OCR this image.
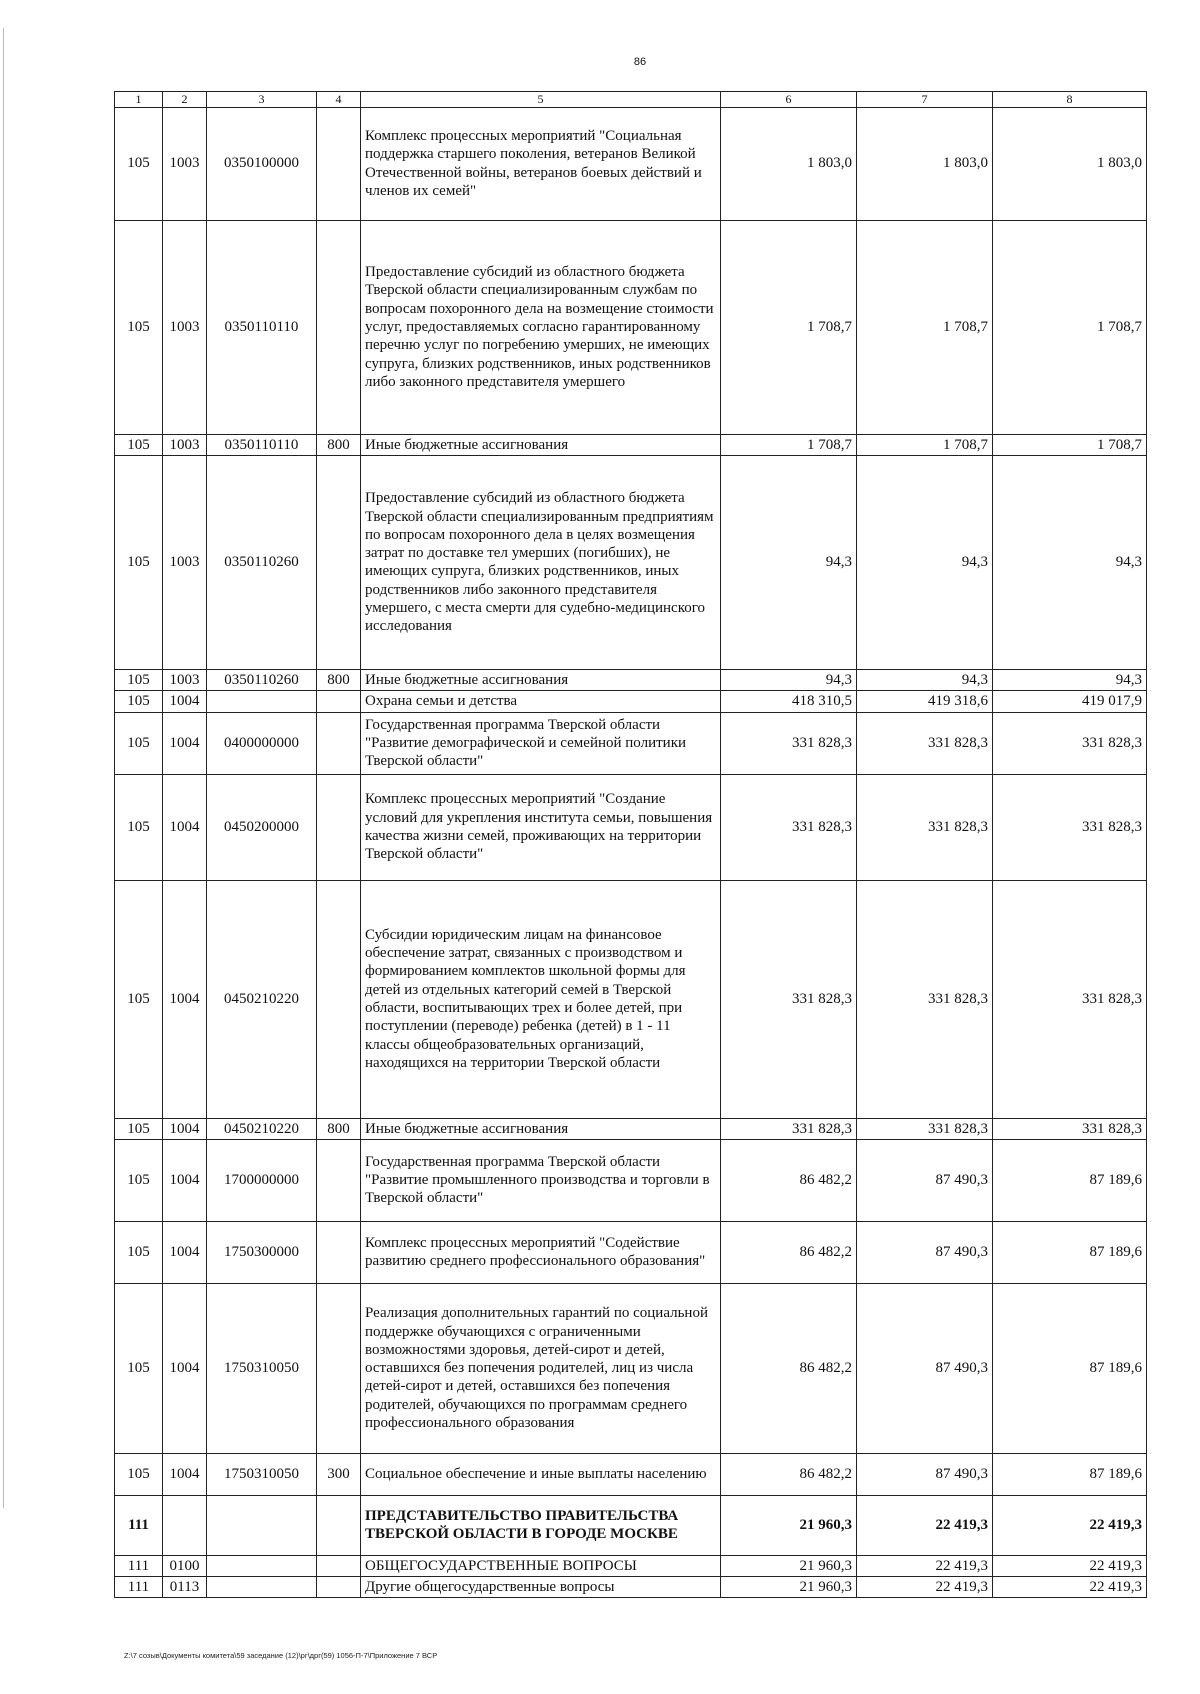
86
1	2	3	4	5	6	7	8
105	1003	0350100000		Комплекс процессных мероприятий "Социальная поддержка старшего поколения, ветеранов Великой Отечественной войны, ветеранов боевых действий и членов их семей"	1 803,0	1 803,0	1 803,0
105	1003	0350110110		Предоставление субсидий из областного бюджета Тверской области специализированным службам по вопросам похоронного дела на возмещение стоимости услуг, предоставляемых согласно гарантированному перечню услуг по погребению умерших, не имеющих супруга, близких родственников, иных родственников либо законного представителя умершего	1 708,7	1 708,7	1 708,7
105	1003	0350110110	800	Иные бюджетные ассигнования	1 708,7	1 708,7	1 708,7
105	1003	0350110260		Предоставление субсидий из областного бюджета Тверской области специализированным предприятиям по вопросам похоронного дела в целях возмещения затрат по доставке тел умерших (погибших), не имеющих супруга, близких родственников, иных родственников либо законного представителя умершего, с места смерти для судебно-медицинского исследования	94,3	94,3	94,3
105	1003	0350110260	800	Иные бюджетные ассигнования	94,3	94,3	94,3
105	1004			Охрана семьи и детства	418 310,5	419 318,6	419 017,9
105	1004	0400000000		Государственная программа Тверской области "Развитие демографической и семейной политики Тверской области"	331 828,3	331 828,3	331 828,3
105	1004	0450200000		Комплекс процессных мероприятий "Создание условий для укрепления института семьи, повышения качества жизни семей, проживающих на территории Тверской области"	331 828,3	331 828,3	331 828,3
105	1004	0450210220		Субсидии юридическим лицам на финансовое обеспечение затрат, связанных с производством и формированием комплектов школьной формы для детей из отдельных категорий семей в Тверской области, воспитывающих трех и более детей, при поступлении (переводе) ребенка (детей) в 1 - 11 классы общеобразовательных организаций, находящихся на территории Тверской области	331 828,3	331 828,3	331 828,3
105	1004	0450210220	800	Иные бюджетные ассигнования	331 828,3	331 828,3	331 828,3
105	1004	1700000000		Государственная программа Тверской области "Развитие промышленного производства и торговли в Тверской области"	86 482,2	87 490,3	87 189,6
105	1004	1750300000		Комплекс процессных мероприятий "Содействие развитию среднего профессионального образования"	86 482,2	87 490,3	87 189,6
105	1004	1750310050		Реализация дополнительных гарантий по социальной поддержке обучающихся с ограниченными возможностями здоровья, детей-сирот и детей, оставшихся без попечения родителей, лиц из числа детей-сирот и детей, оставшихся без попечения родителей, обучающихся по программам среднего профессионального образования	86 482,2	87 490,3	87 189,6
105	1004	1750310050	300	Социальное обеспечение и иные выплаты населению	86 482,2	87 490,3	87 189,6
111				ПРЕДСТАВИТЕЛЬСТВО ПРАВИТЕЛЬСТВА ТВЕРСКОЙ ОБЛАСТИ В ГОРОДЕ МОСКВЕ	21 960,3	22 419,3	22 419,3
111	0100			ОБЩЕГОСУДАРСТВЕННЫЕ ВОПРОСЫ	21 960,3	22 419,3	22 419,3
111	0113			Другие общегосударственные вопросы	21 960,3	22 419,3	22 419,3
Z:\7 созыв\Документы комитета\59 заседание (12)\рг\дрг(59) 1056-П-7\Приложение 7 ВСР
